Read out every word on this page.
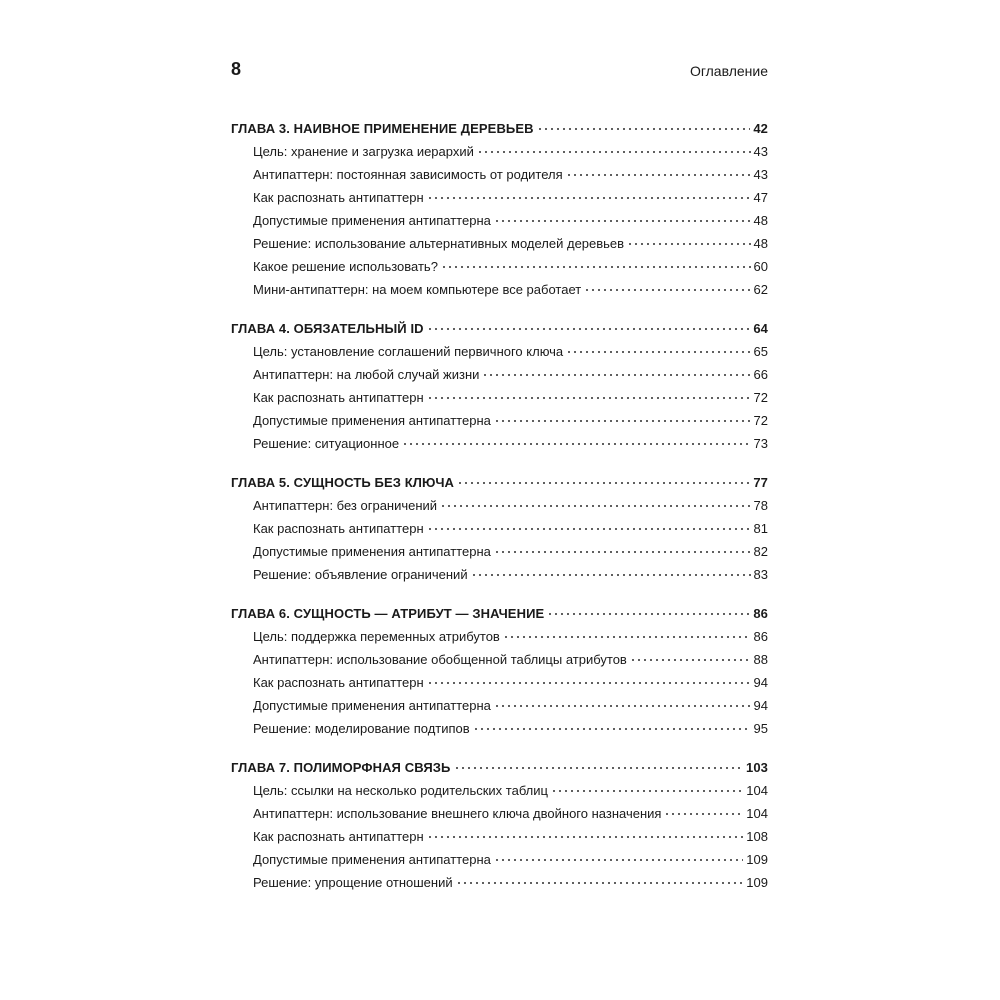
8	Оглавление
ГЛАВА 3. НАИВНОЕ ПРИМЕНЕНИЕ ДЕРЕВЬЕВ	42
Цель: хранение и загрузка иерархий	43
Антипаттерн: постоянная зависимость от родителя	43
Как распознать антипаттерн	47
Допустимые применения антипаттерна	48
Решение: использование альтернативных моделей деревьев	48
Какое решение использовать?	60
Мини-антипаттерн: на моем компьютере все работает	62
ГЛАВА 4. ОБЯЗАТЕЛЬНЫЙ ID	64
Цель: установление соглашений первичного ключа	65
Антипаттерн: на любой случай жизни	66
Как распознать антипаттерн	72
Допустимые применения антипаттерна	72
Решение: ситуационное	73
ГЛАВА 5. СУЩНОСТЬ БЕЗ КЛЮЧА	77
Антипаттерн: без ограничений	78
Как распознать антипаттерн	81
Допустимые применения антипаттерна	82
Решение: объявление ограничений	83
ГЛАВА 6. СУЩНОСТЬ — АТРИБУТ — ЗНАЧЕНИЕ	86
Цель: поддержка переменных атрибутов	86
Антипаттерн: использование обобщенной таблицы атрибутов	88
Как распознать антипаттерн	94
Допустимые применения антипаттерна	94
Решение: моделирование подтипов	95
ГЛАВА 7. ПОЛИМОРФНАЯ СВЯЗЬ	103
Цель: ссылки на несколько родительских таблиц	104
Антипаттерн: использование внешнего ключа двойного назначения	104
Как распознать антипаттерн	108
Допустимые применения антипаттерна	109
Решение: упрощение отношений	109
